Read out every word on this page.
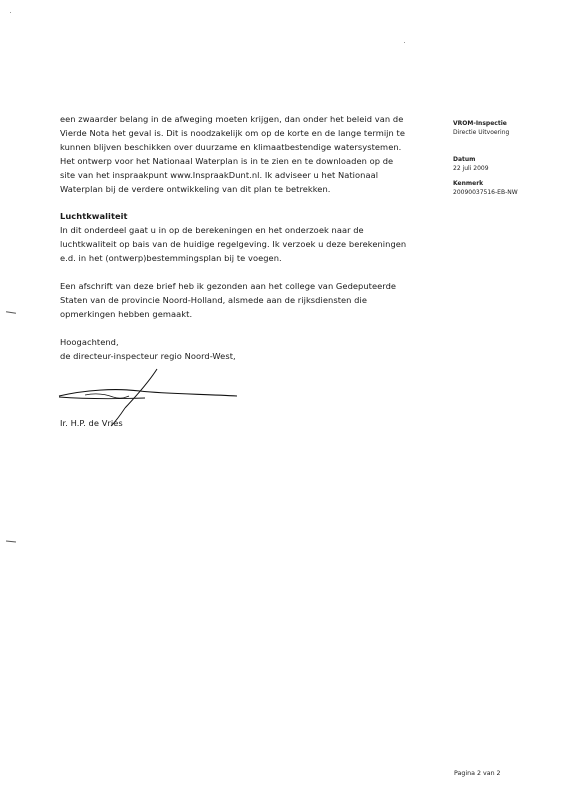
een zwaarder belang in de afweging moeten krijgen, dan onder het beleid van de
Vierde Nota het geval is. Dit is noodzakelijk om op de korte en de lange termijn te
kunnen blijven beschikken over duurzame en klimaatbestendige watersystemen.
Het ontwerp voor het Nationaal Waterplan is in te zien en te downloaden op de
site van het inspraakpunt www.InspraakDunt.nl. Ik adviseer u het Nationaal
Waterplan bij de verdere ontwikkeling van dit plan te betrekken.
Luchtkwaliteit
In dit onderdeel gaat u in op de berekeningen en het onderzoek naar de
luchtkwaliteit op bais van de huidige regelgeving. Ik verzoek u deze berekeningen
e.d. in het (ontwerp)bestemmingsplan bij te voegen.
Een afschrift van deze brief heb ik gezonden aan het college van Gedeputeerde
Staten van de provincie Noord-Holland, alsmede aan de rijksdiensten die
opmerkingen hebben gemaakt.
Hoogachtend,
de directeur-inspecteur regio Noord-West,
Ir. H.P. de Vries
VROM-Inspectie
Directie Uitvoering
Datum
22 juli 2009
Kenmerk
20090037516-EB-NW
Pagina 2 van 2
